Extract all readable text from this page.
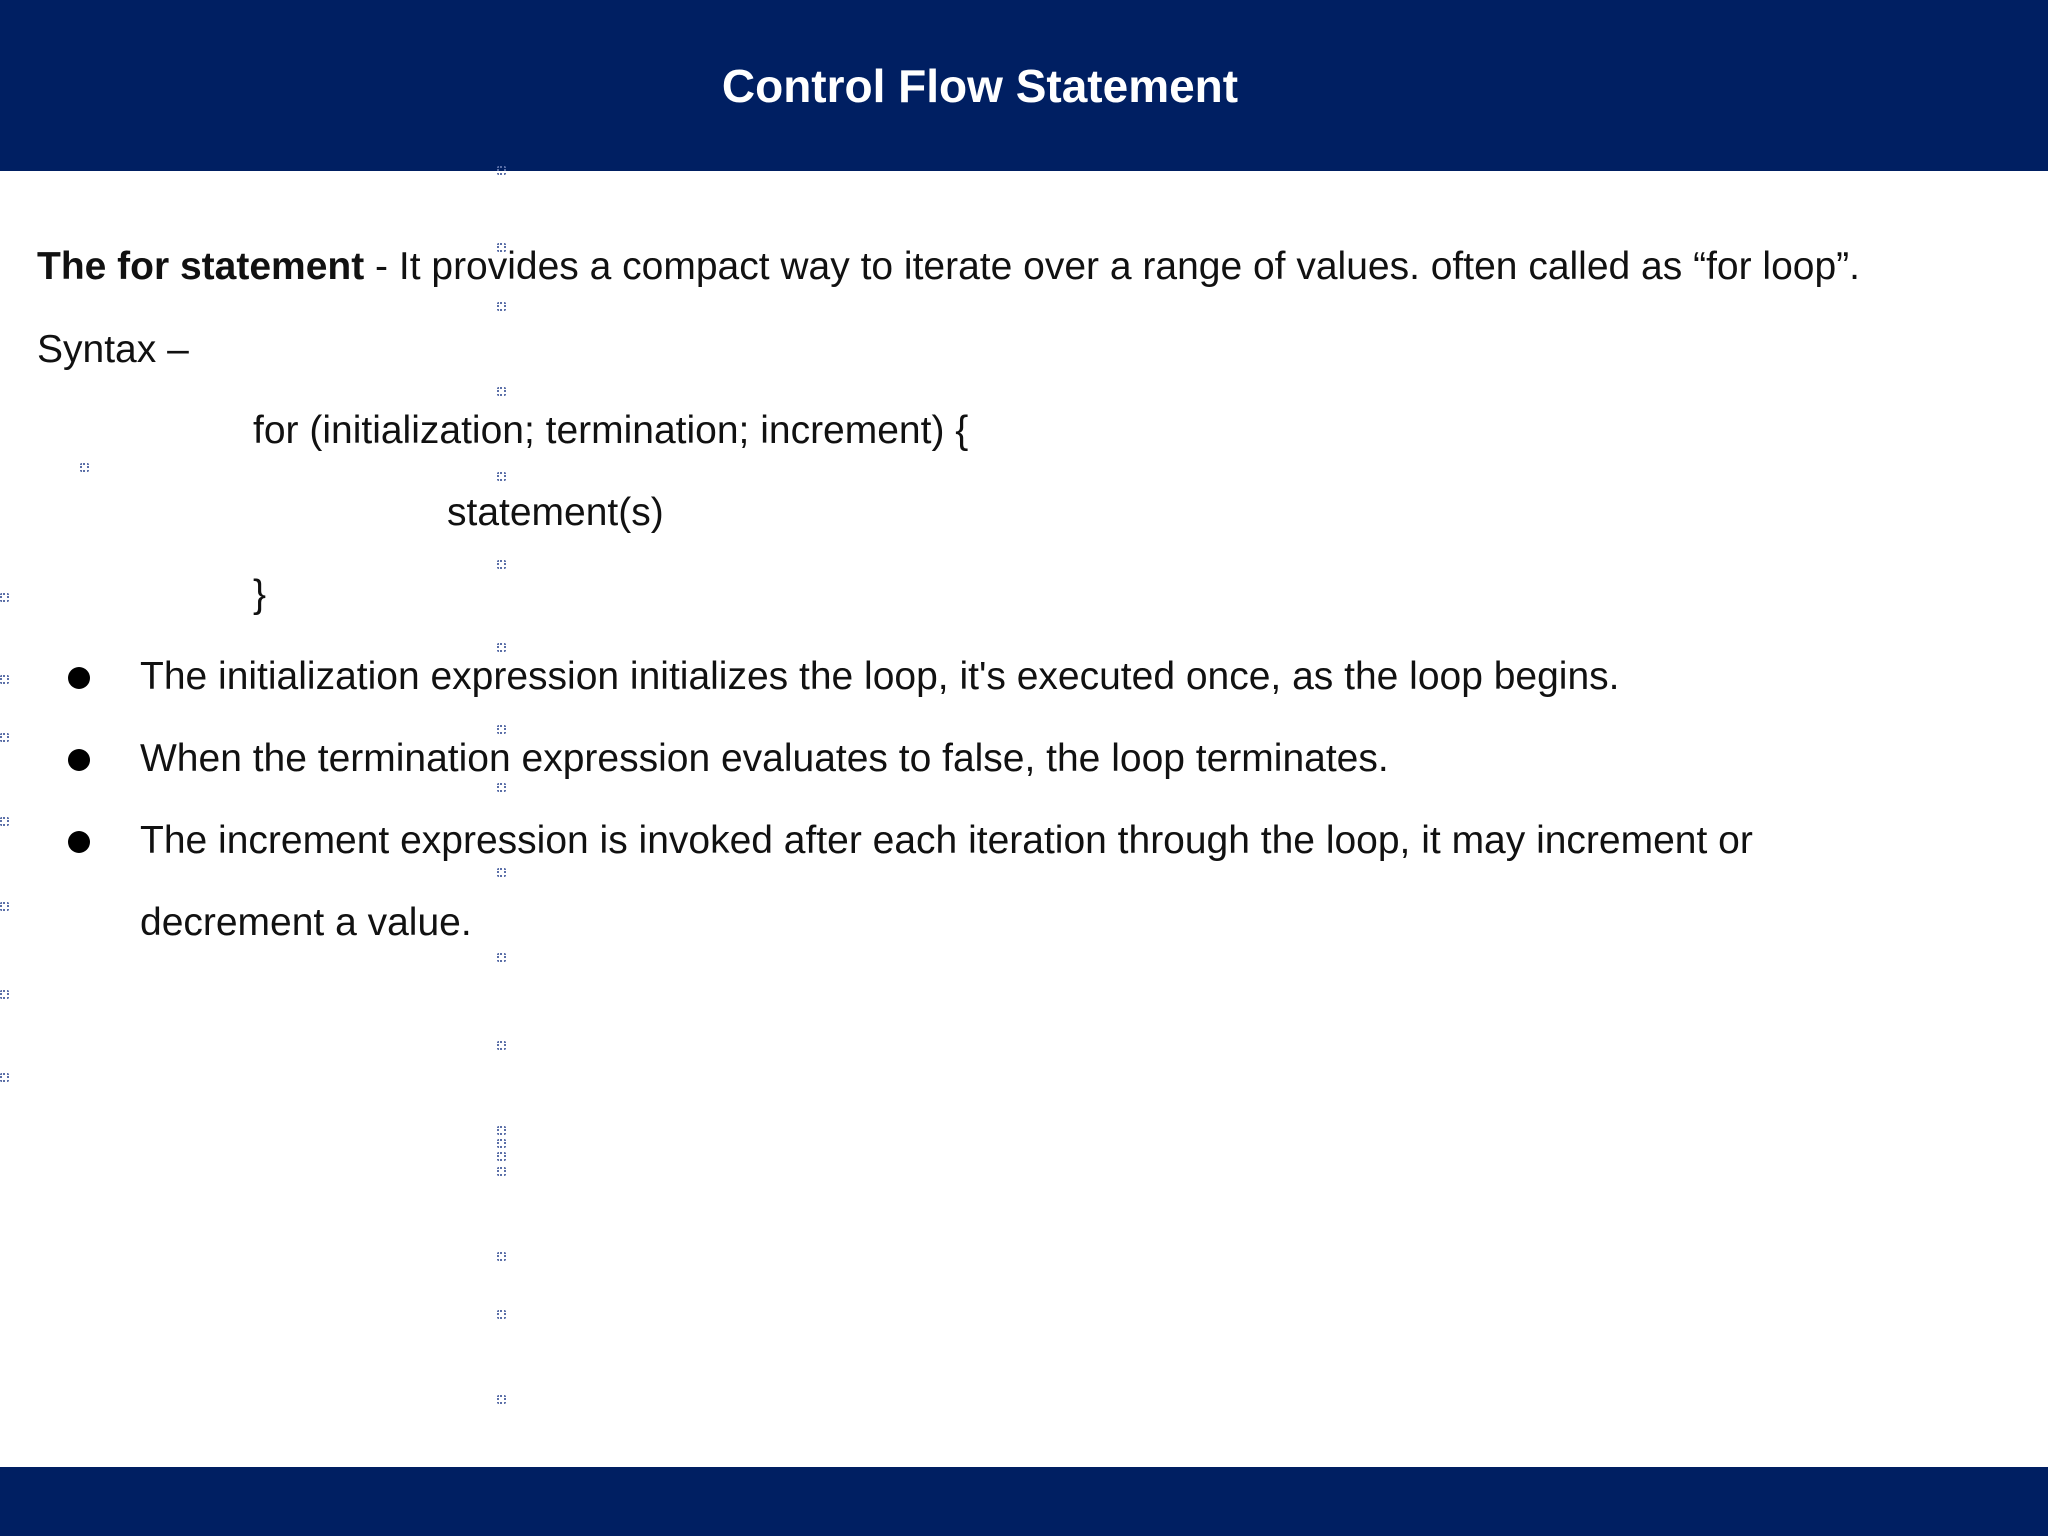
Control Flow Statement
The for statement - It provides a compact way to iterate over a range of values. often called as “for loop”.
Syntax –
for (initialization; termination; increment) {
statement(s)
}
The initialization expression initializes the loop, it's executed once, as the loop begins.
When the termination expression evaluates to false, the loop terminates.
The increment expression is invoked after each iteration through the loop, it may increment or
decrement a value.
